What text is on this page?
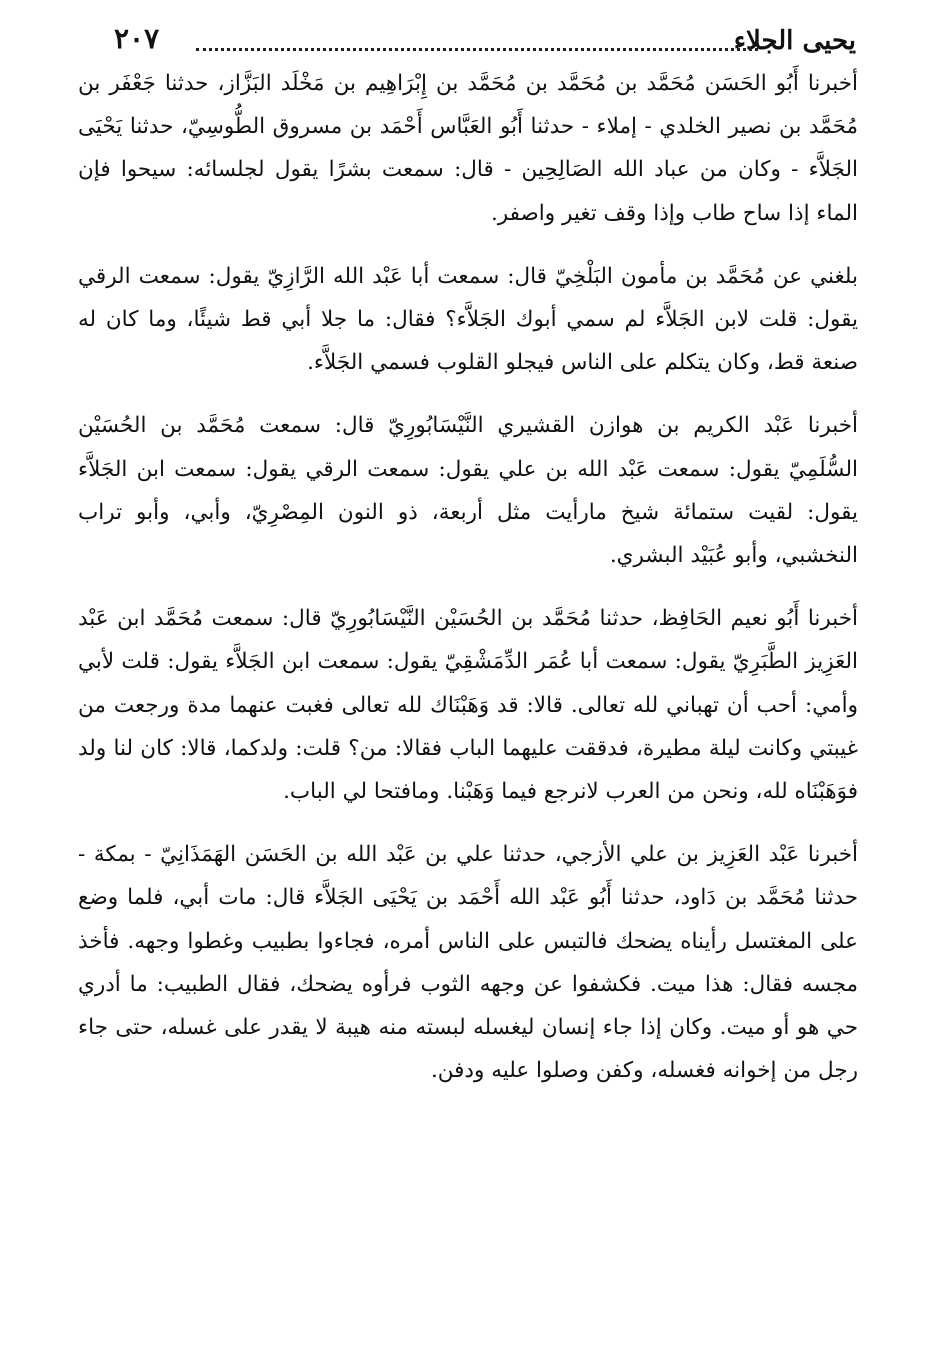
يحيى الجلاء
٢٠٧

أخبرنا أَبُو الحَسَن مُحَمَّد بن مُحَمَّد بن مُحَمَّد بن إِبْرَاهِيم بن مَخْلَد البَزَّاز، حدثنا جَعْفَر بن مُحَمَّد بن نصير الخلدي - إملاء - حدثنا أَبُو العَبَّاس أَحْمَد بن مسروق الطُّوسِيّ، حدثنا يَحْيَى الجَلاَّء - وكان من عباد الله الصَالِحِين - قال: سمعت بشرًا يقول لجلسائه: سيحوا فإن الماء إذا ساح طاب وإذا وقف تغير واصفر.

بلغني عن مُحَمَّد بن مأمون البَلْخِيّ قال: سمعت أبا عَبْد الله الرَّازِيّ يقول: سمعت الرقي يقول: قلت لابن الجَلاَّء لم سمي أبوك الجَلاَّء؟ فقال: ما جلا أبي قط شيئًا، وما كان له صنعة قط، وكان يتكلم على الناس فيجلو القلوب فسمي الجَلاَّء.

أخبرنا عَبْد الكريم بن هوازن القشيري النَّيْسَابُورِيّ قال: سمعت مُحَمَّد بن الحُسَيْن السُّلَمِيّ يقول: سمعت عَبْد الله بن علي يقول: سمعت الرقي يقول: سمعت ابن الجَلاَّء يقول: لقيت ستمائة شيخ مارأيت مثل أربعة، ذو النون المِصْرِيّ، وأبي، وأبو تراب النخشبي، وأبو عُبَيْد البشري.

أخبرنا أَبُو نعيم الحَافِظ، حدثنا مُحَمَّد بن الحُسَيْن النَّيْسَابُورِيّ قال: سمعت مُحَمَّد ابن عَبْد العَزِيز الطَّبَرِيّ يقول: سمعت أبا عُمَر الدِّمَشْقِيّ يقول: سمعت ابن الجَلاَّء يقول: قلت لأبي وأمي: أحب أن تهباني لله تعالى. قالا: قد وَهَبْنَاك لله تعالى فغبت عنهما مدة ورجعت من غيبتي وكانت ليلة مطيرة، فدققت عليهما الباب فقالا: من؟ قلت: ولدكما، قالا: كان لنا ولد فوَهَبْنَاه لله، ونحن من العرب لانرجع فيما وَهَبْنا. ومافتحا لي الباب.

أخبرنا عَبْد العَزِيز بن علي الأزجي، حدثنا علي بن عَبْد الله بن الحَسَن الهَمَذَانِيّ - بمكة - حدثنا مُحَمَّد بن دَاود، حدثنا أَبُو عَبْد الله أَحْمَد بن يَحْيَى الجَلاَّء قال: مات أبي، فلما وضع على المغتسل رأيناه يضحك فالتبس على الناس أمره، فجاءوا بطبيب وغطوا وجهه. فأخذ مجسه فقال: هذا ميت. فكشفوا عن وجهه الثوب فرأوه يضحك، فقال الطبيب: ما أدري حي هو أو ميت. وكان إذا جاء إنسان ليغسله لبسته منه هيبة لا يقدر على غسله، حتى جاء رجل من إخوانه فغسله، وكفن وصلوا عليه ودفن.
